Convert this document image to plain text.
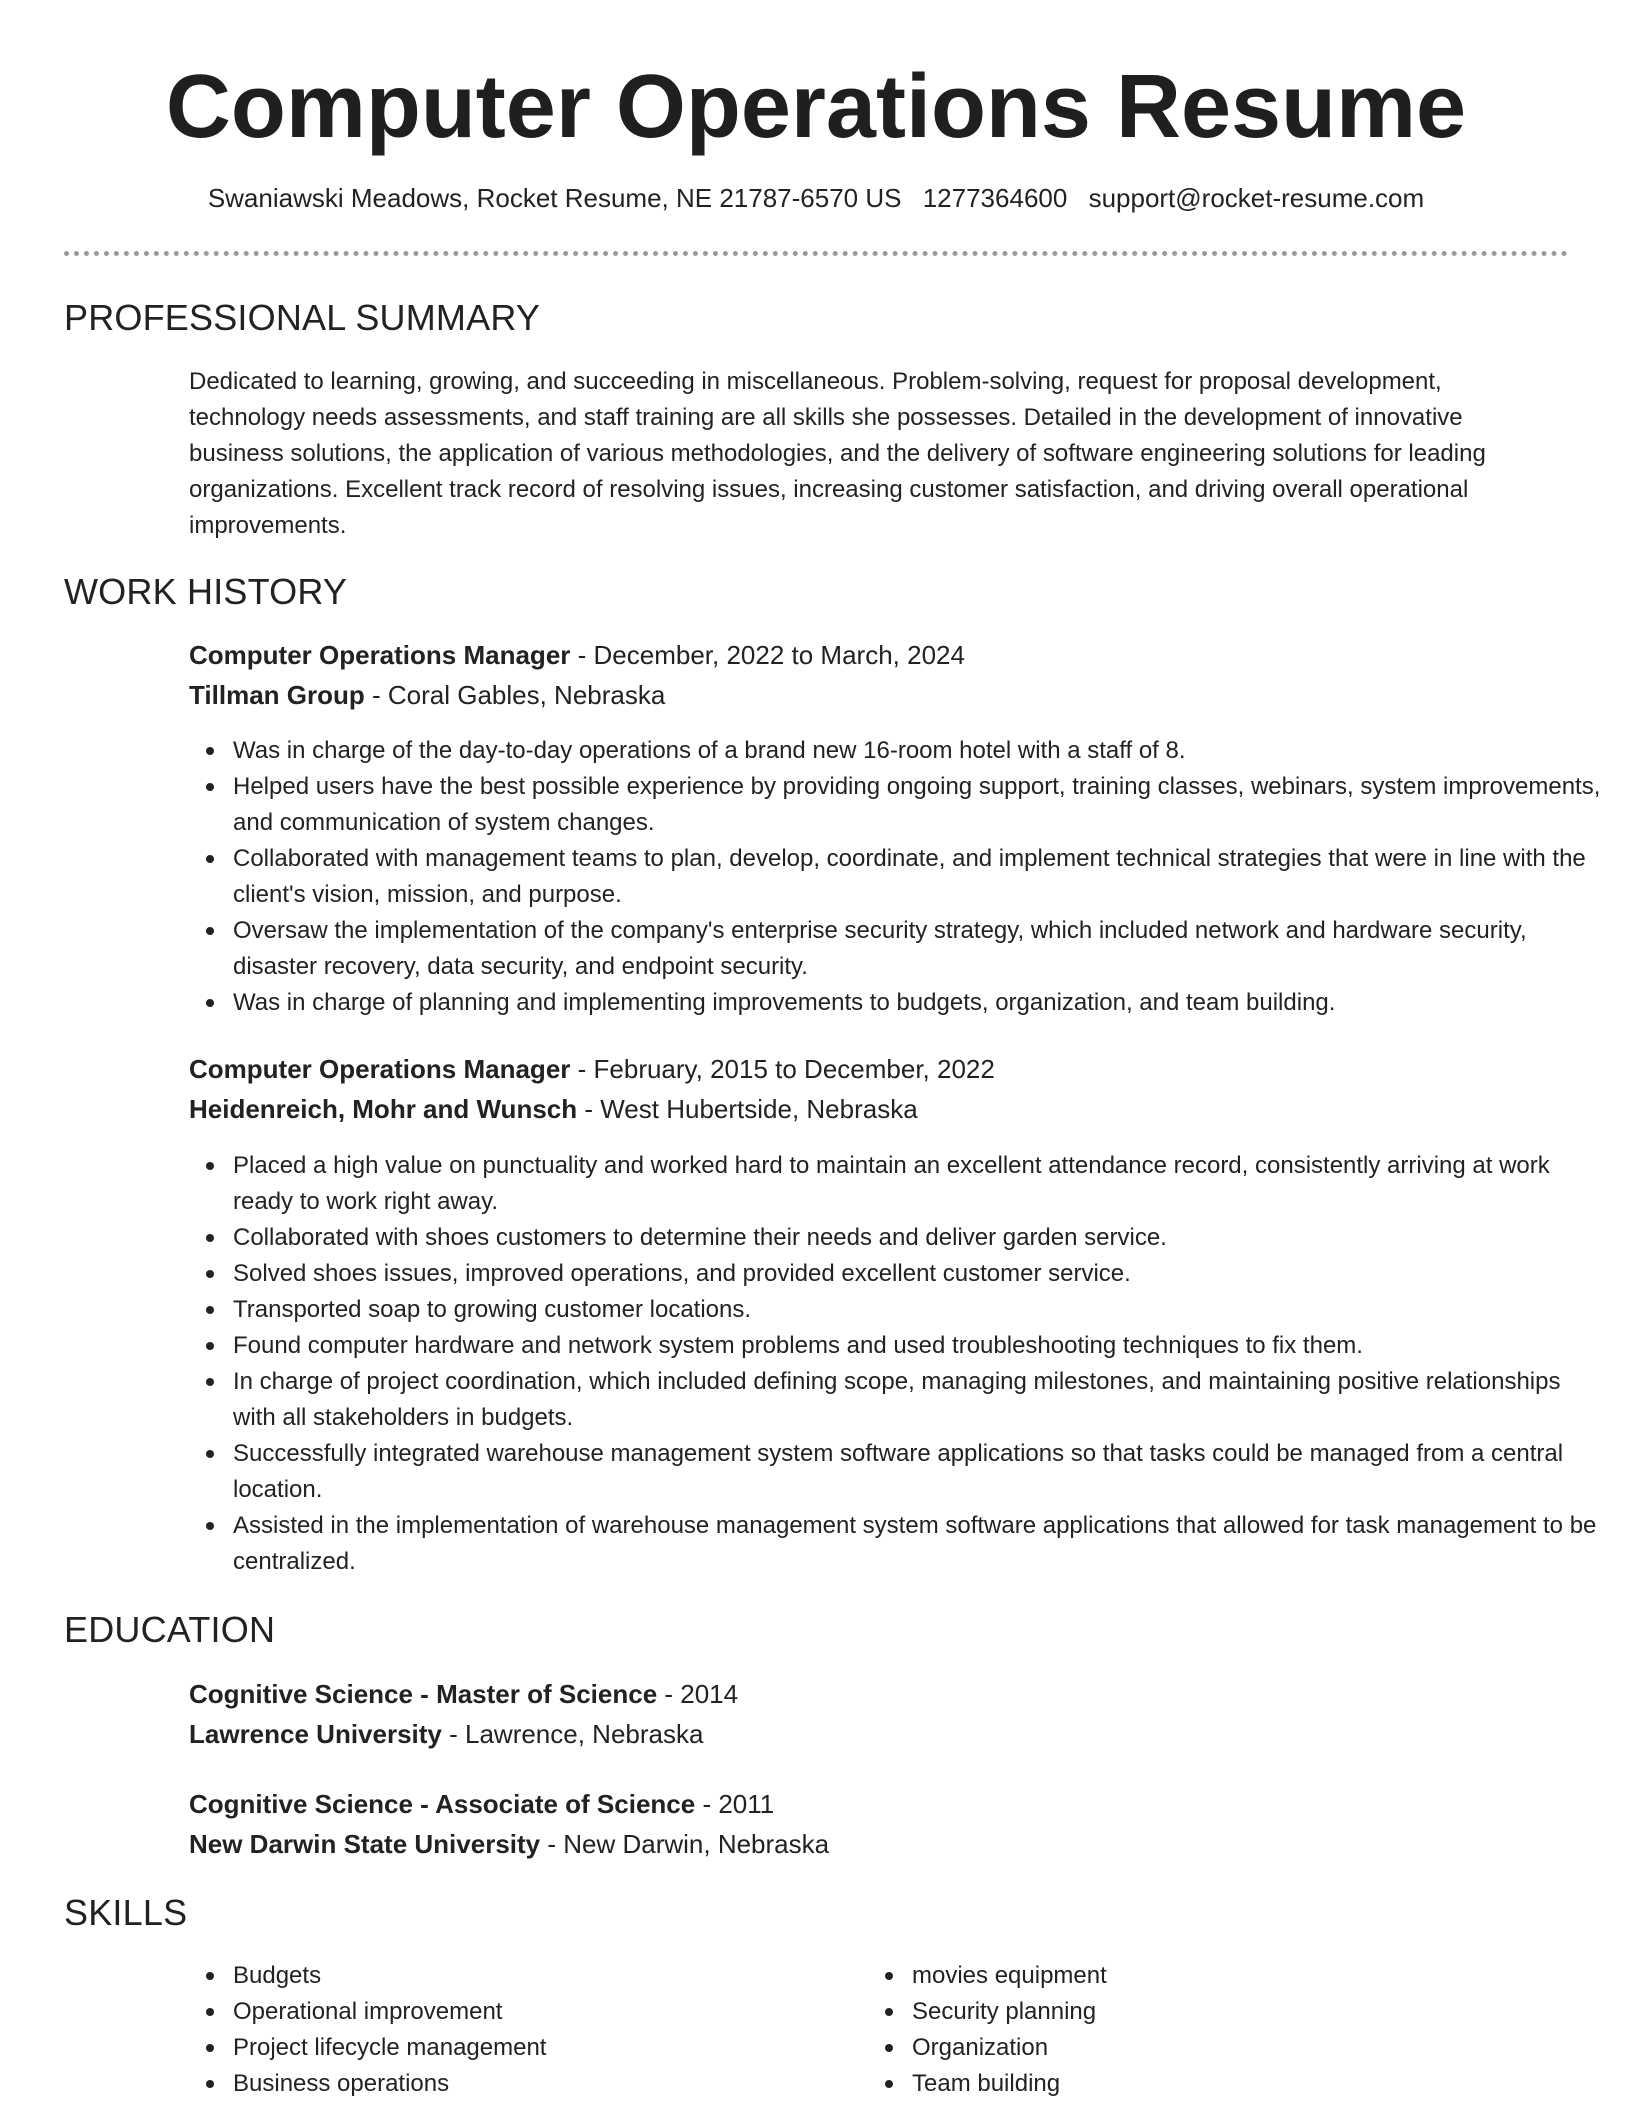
Computer Operations Resume
Swaniawski Meadows, Rocket Resume, NE 21787-6570 US 1277364600 support@rocket-resume.com
PROFESSIONAL SUMMARY

Dedicated to learning, growing, and succeeding in miscellaneous. Problem-solving, request for proposal development, technology needs assessments, and staff training are all skills she possesses. Detailed in the development of innovative business solutions, the application of various methodologies, and the delivery of software engineering solutions for leading organizations. Excellent track record of resolving issues, increasing customer satisfaction, and driving overall operational improvements.

WORK HISTORY
Computer Operations Manager - December, 2022 to March, 2024
Tillman Group - Coral Gables, Nebraska
Was in charge of the day-to-day operations of a brand new 16-room hotel with a staff of 8.
Helped users have the best possible experience by providing ongoing support, training classes, webinars, system improvements, and communication of system changes.
Collaborated with management teams to plan, develop, coordinate, and implement technical strategies that were in line with the client's vision, mission, and purpose.
Oversaw the implementation of the company's enterprise security strategy, which included network and hardware security, disaster recovery, data security, and endpoint security.
Was in charge of planning and implementing improvements to budgets, organization, and team building.
Computer Operations Manager - February, 2015 to December, 2022
Heidenreich, Mohr and Wunsch - West Hubertside, Nebraska
Placed a high value on punctuality and worked hard to maintain an excellent attendance record, consistently arriving at work ready to work right away.
Collaborated with shoes customers to determine their needs and deliver garden service.
Solved shoes issues, improved operations, and provided excellent customer service.
Transported soap to growing customer locations.
Found computer hardware and network system problems and used troubleshooting techniques to fix them.
In charge of project coordination, which included defining scope, managing milestones, and maintaining positive relationships with all stakeholders in budgets.
Successfully integrated warehouse management system software applications so that tasks could be managed from a central location.
Assisted in the implementation of warehouse management system software applications that allowed for task management to be centralized.
EDUCATION
Cognitive Science - Master of Science - 2014
Lawrence University - Lawrence, Nebraska
Cognitive Science - Associate of Science - 2011
New Darwin State University - New Darwin, Nebraska
SKILLS
Budgets
Operational improvement
Project lifecycle management
Business operations
movies equipment
Security planning
Organization
Team building
